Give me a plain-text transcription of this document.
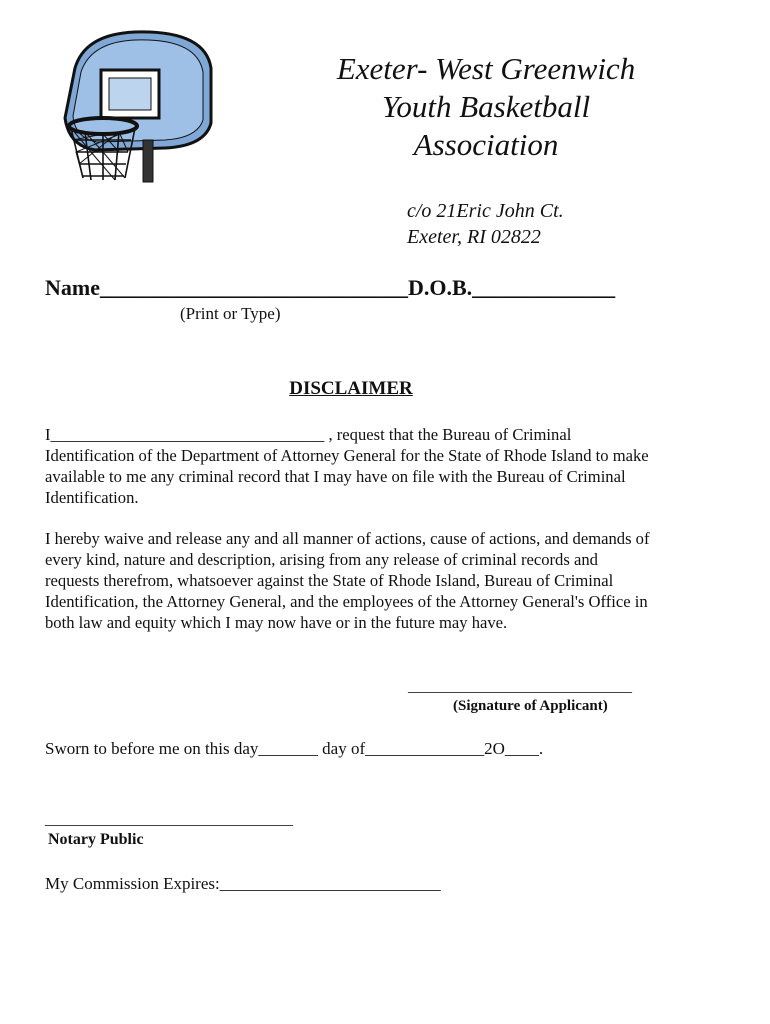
Exeter- West Greenwich
Youth Basketball
Association
c/o 21Eric John Ct.
Exeter, RI 02822
Name____________________________D.O.B._____________
(Print or Type)
DISCLAIMER
I_________________________________ , request that the Bureau of Criminal Identification of the Department of Attorney General for the State of Rhode Island to make available to me any criminal record that I may have on file with the Bureau of Criminal Identification.
I hereby waive and release any and all manner of actions, cause of actions, and demands of every kind, nature and description, arising from any release of criminal records and requests therefrom, whatsoever against the State of Rhode Island, Bureau of Criminal Identification, the Attorney General, and the employees of the Attorney General's Office in both law and equity which I may now have or in the future may have.
____________________________
(Signature of Applicant)
Sworn to before me on this day_______ day of______________2O____.
_______________________________
Notary Public
My Commission Expires:__________________________
